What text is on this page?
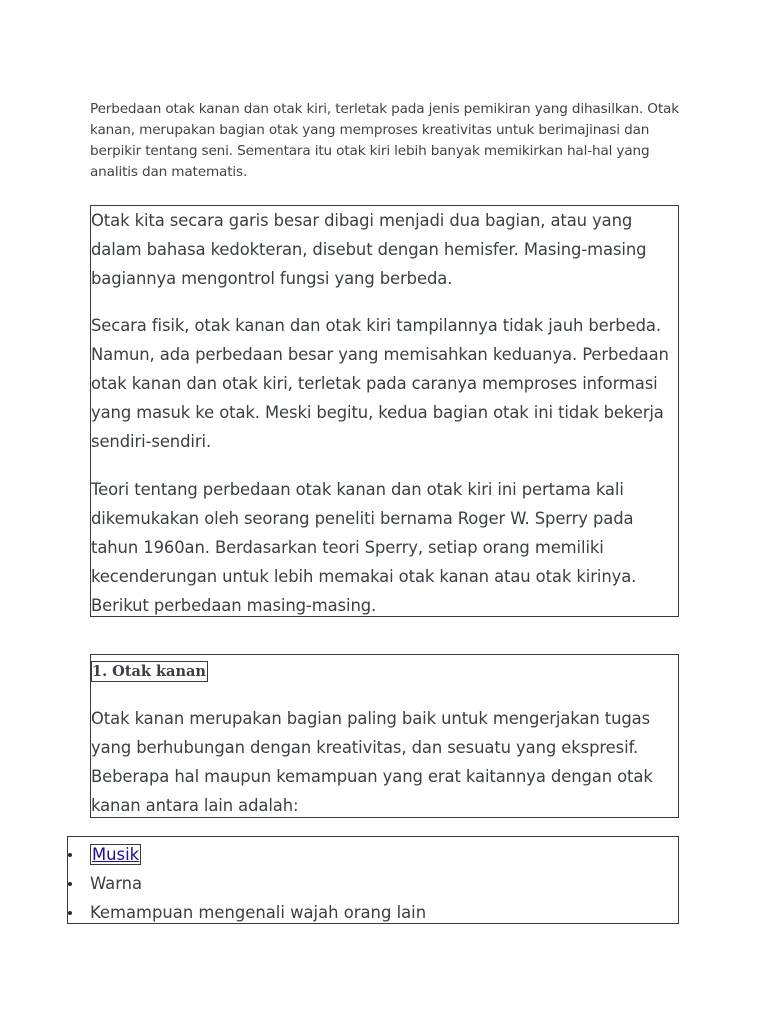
Perbedaan otak kanan dan otak kiri, terletak pada jenis pemikiran yang dihasilkan. Otak kanan, merupakan bagian otak yang memproses kreativitas untuk berimajinasi dan berpikir tentang seni. Sementara itu otak kiri lebih banyak memikirkan hal-hal yang analitis dan matematis.

Otak kita secara garis besar dibagi menjadi dua bagian, atau yang dalam bahasa kedokteran, disebut dengan hemisfer. Masing-masing bagiannya mengontrol fungsi yang berbeda.

Secara fisik, otak kanan dan otak kiri tampilannya tidak jauh berbeda. Namun, ada perbedaan besar yang memisahkan keduanya. Perbedaan otak kanan dan otak kiri, terletak pada caranya memproses informasi yang masuk ke otak. Meski begitu, kedua bagian otak ini tidak bekerja sendiri-sendiri.

Teori tentang perbedaan otak kanan dan otak kiri ini pertama kali dikemukakan oleh seorang peneliti bernama Roger W. Sperry pada tahun 1960an. Berdasarkan teori Sperry, setiap orang memiliki kecenderungan untuk lebih memakai otak kanan atau otak kirinya. Berikut perbedaan masing-masing.

1. Otak kanan

Otak kanan merupakan bagian paling baik untuk mengerjakan tugas yang berhubungan dengan kreativitas, dan sesuatu yang ekspresif. Beberapa hal maupun kemampuan yang erat kaitannya dengan otak kanan antara lain adalah:

Musik
Warna
Kemampuan mengenali wajah orang lain
